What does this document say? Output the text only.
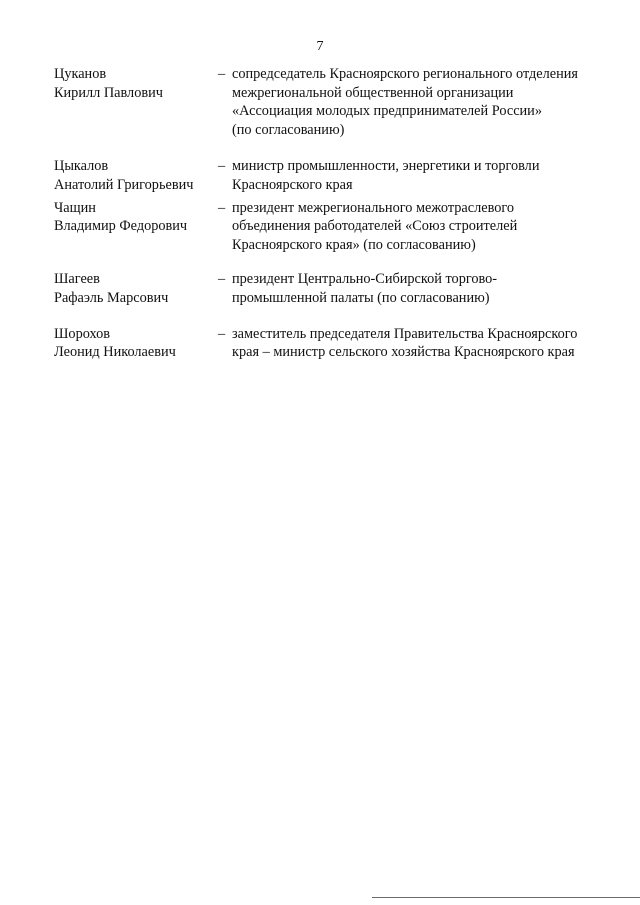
7
Цуканов
Кирилл Павлович
– сопредседатель Красноярского регионального отделения
межрегиональной общественной организации
«Ассоциация молодых предпринимателей России»
(по согласованию)
Цыкалов
Анатолий Григорьевич
– министр промышленности, энергетики и торговли
Красноярского края
Чащин
Владимир Федорович
– президент межрегионального межотраслевого
объединения работодателей «Союз строителей
Красноярского края» (по согласованию)
Шагеев
Рафаэль Марсович
– президент Центрально-Сибирской торгово-
промышленной палаты (по согласованию)
Шорохов
Леонид Николаевич
– заместитель председателя Правительства Красноярского
края – министр сельского хозяйства Красноярского края
